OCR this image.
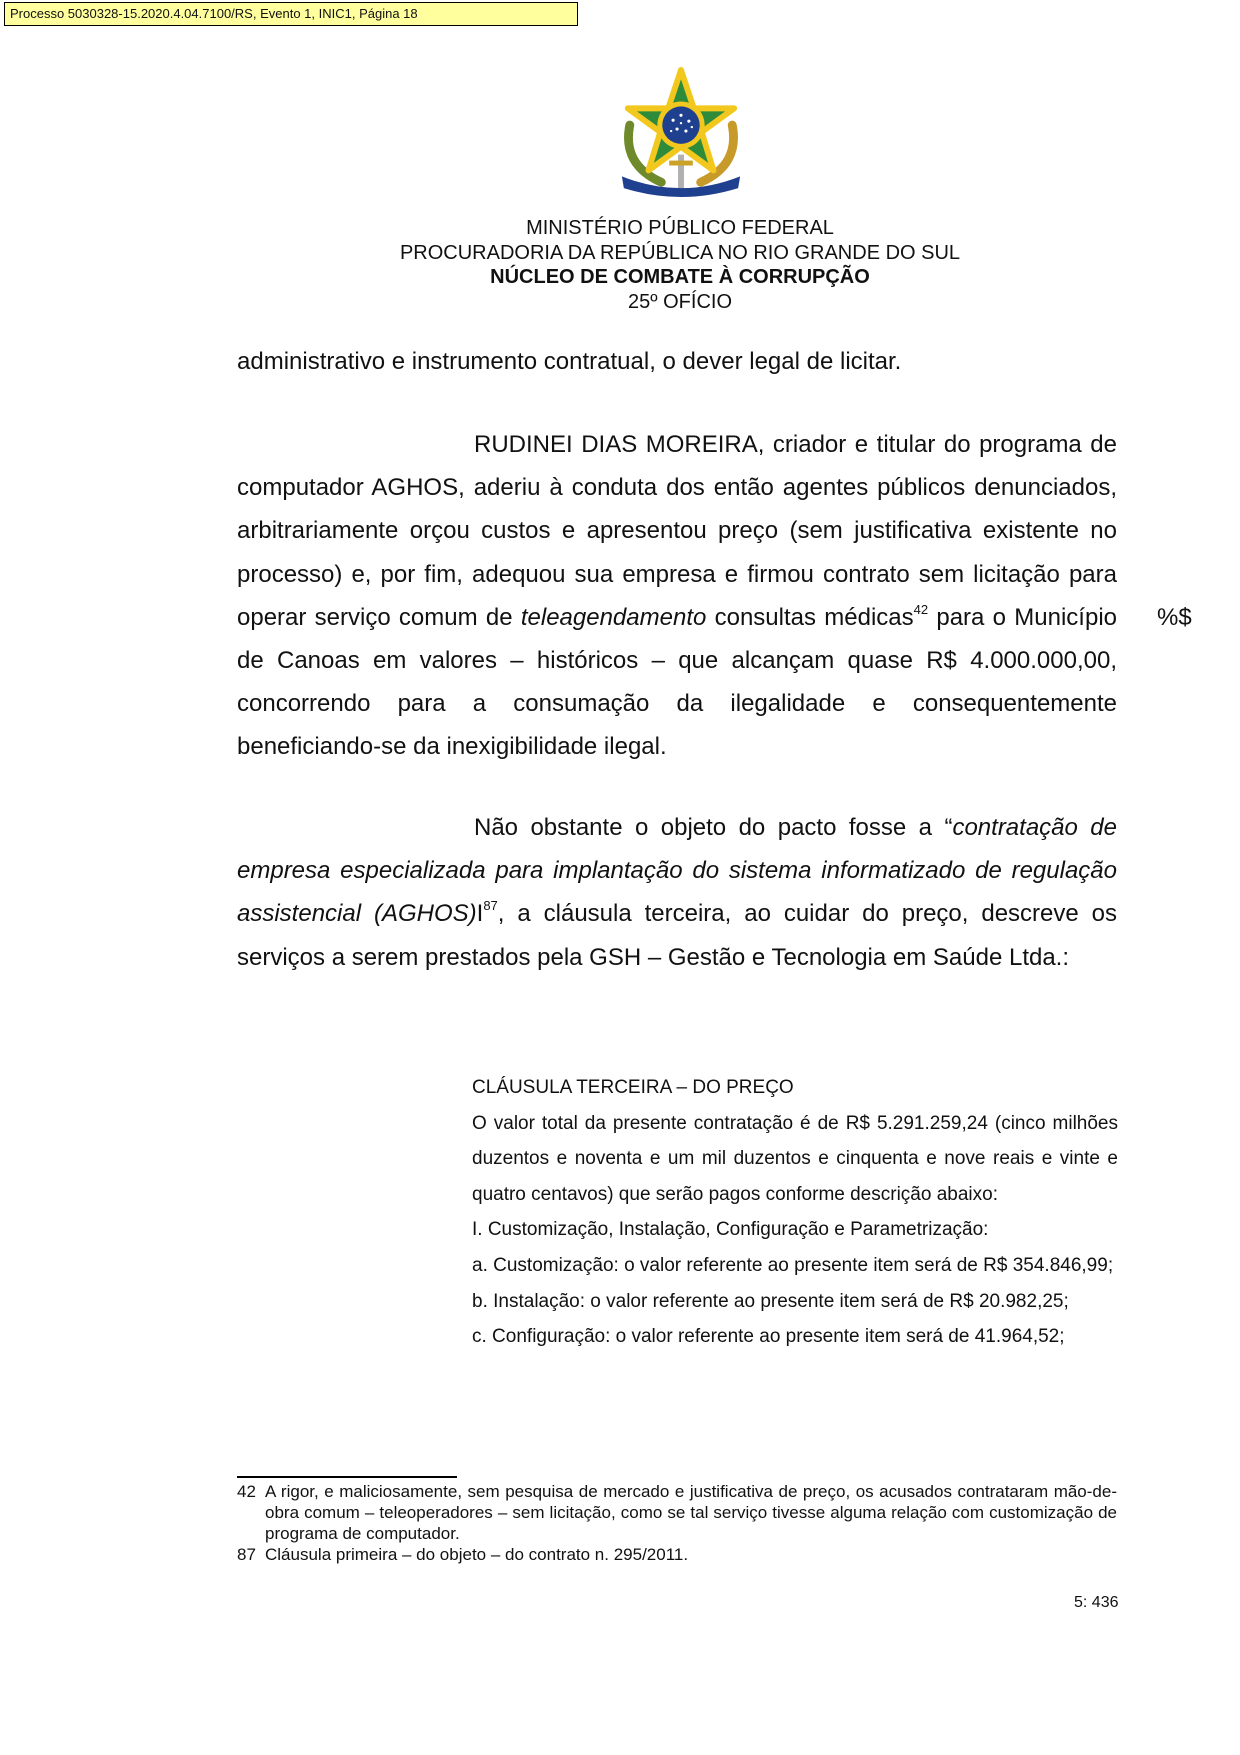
Processo 5030328-15.2020.4.04.7100/RS, Evento 1, INIC1, Página 18
MINISTÉRIO PÚBLICO FEDERAL
PROCURADORIA DA REPÚBLICA NO RIO GRANDE DO SUL
NÚCLEO DE COMBATE À CORRUPÇÃO
25º OFÍCIO

administrativo e instrumento contratual, o dever legal de licitar.

RUDINEI DIAS MOREIRA, criador e titular do programa de computador AGHOS, aderiu à conduta dos então agentes públicos denunciados, arbitrariamente orçou custos e apresentou preço (sem justificativa existente no processo) e, por fim, adequou sua empresa e firmou contrato sem licitação para operar serviço comum de teleagendamento consultas médicas$^{42}$ para o Município de Canoas em valores – históricos – que alcançam quase R$ 4.000.000,00, concorrendo para a consumação da ilegalidade e consequentemente beneficiando-se da inexigibilidade ilegal.

%$

Não obstante o objeto do pacto fosse a “contratação de empresa especializada para implantação do sistema informatizado de regulação assistencial $(AGHOS)I^{87}$, a cláusula terceira, ao cuidar do preço, descreve os serviços a serem prestados pela GSH – Gestão e Tecnologia em Saúde Ltda.:

CLÁUSULA TERCEIRA – DO PREÇO
O valor total da presente contratação é de R$ 5.291.259,24 (cinco milhões duzentos e noventa e um mil duzentos e cinquenta e nove reais e vinte e quatro centavos) que serão pagos conforme descrição abaixo:
I. Customização, Instalação, Configuração e Parametrização:
a. Customização: o valor referente ao presente item será de R$ 354.846,99;
b. Instalação: o valor referente ao presente item será de R$ 20.982,25;
c. Configuração: o valor referente ao presente item será de 41.964,52;
42 A rigor, e maliciosamente, sem pesquisa de mercado e justificativa de preço, os acusados contrataram mão-de-obra comum – teleoperadores – sem licitação, como se tal serviço tivesse alguma relação com customização de programa de computador.
87 Cláusula primeira – do objeto – do contrato n. 295/2011.
5: 436
